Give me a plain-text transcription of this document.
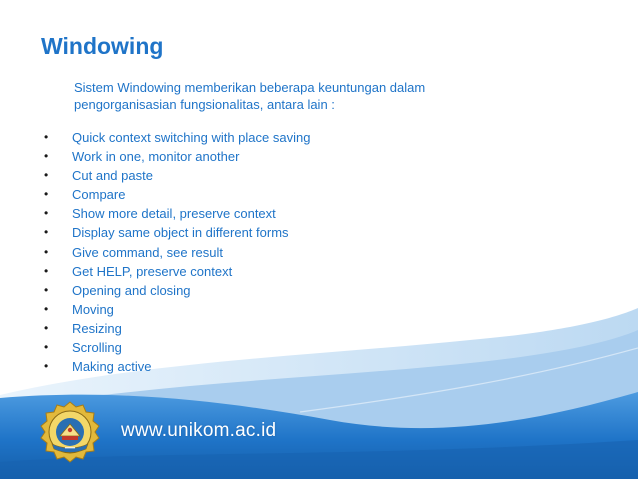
Windowing
Sistem Windowing memberikan beberapa keuntungan dalam
pengorganisasian fungsionalitas, antara lain :
• Quick context switching with place saving
• Work in one, monitor another
• Cut and paste
• Compare
• Show more detail, preserve context
• Display same object in different forms
• Give command, see result
• Get HELP, preserve context
• Opening and closing
• Moving
• Resizing
• Scrolling
• Making active
www.unikom.ac.id
